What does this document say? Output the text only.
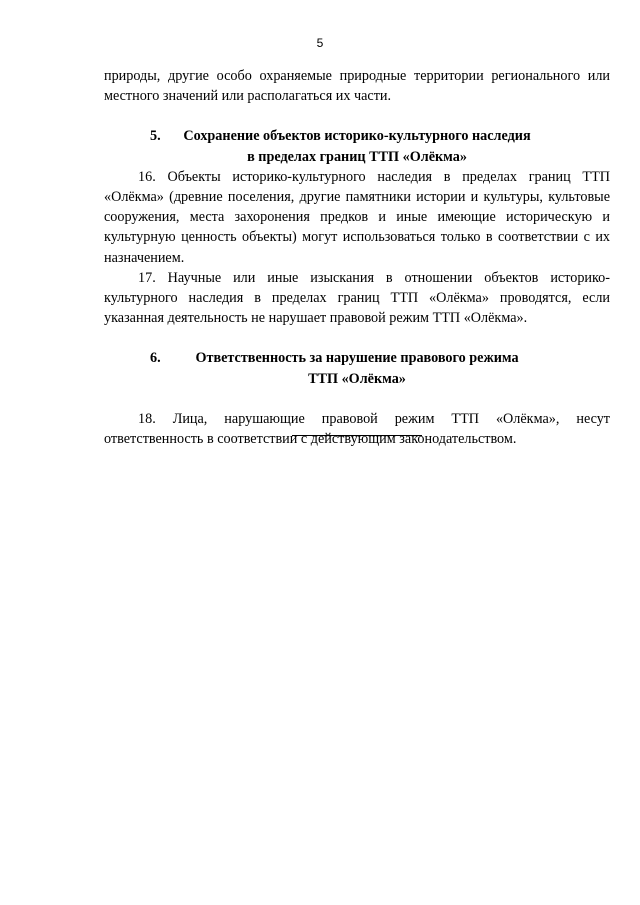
5

природы, другие особо охраняемые природные территории регионального или местного значений или располагаться их части.

5. Сохранение объектов историко-культурного наследия
в пределах границ ТТП «Олёкма»

16. Объекты историко-культурного наследия в пределах границ ТТП «Олёкма» (древние поселения, другие памятники истории и культуры, культовые сооружения, места захоронения предков и иные имеющие историческую и культурную ценность объекты) могут использоваться только в соответствии с их назначением.

17. Научные или иные изыскания в отношении объектов историко-культурного наследия в пределах границ ТТП «Олёкма» проводятся, если указанная деятельность не нарушает правовой режим ТТП «Олёкма».

6. Ответственность за нарушение правового режима
ТТП «Олёкма»

18. Лица, нарушающие правовой режим ТТП «Олёкма», несут ответственность в соответствии с действующим законодательством.
